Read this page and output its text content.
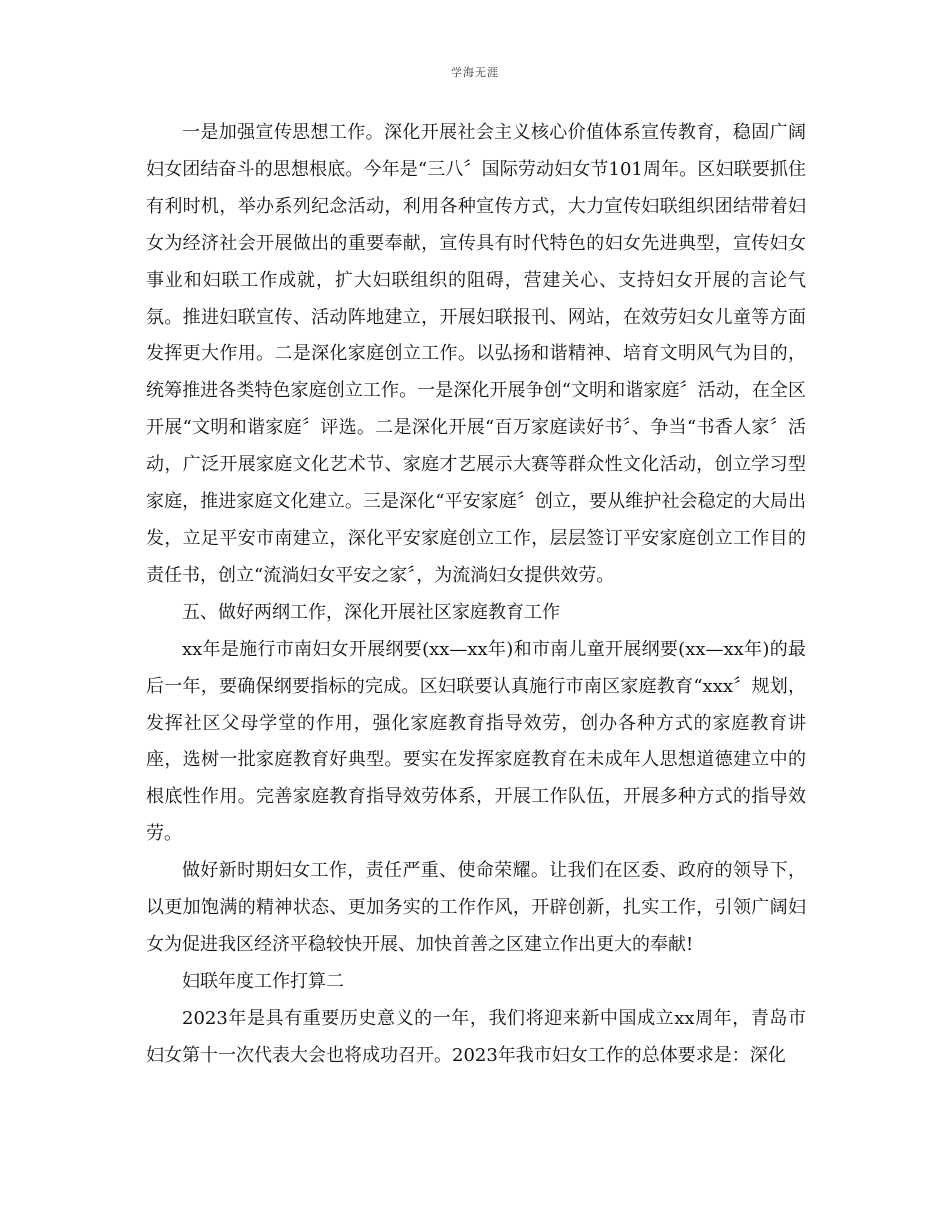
学海无涯

一是加强宣传思想工作。深化开展社会主义核心价值体系宣传教育，稳固广阔妇女团结奋斗的思想根底。今年是“三八〞国际劳动妇女节101周年。区妇联要抓住有利时机，举办系列纪念活动，利用各种宣传方式，大力宣传妇联组织团结带着妇女为经济社会开展做出的重要奉献，宣传具有时代特色的妇女先进典型，宣传妇女事业和妇联工作成就，扩大妇联组织的阻碍，营建关心、支持妇女开展的言论气氛。推进妇联宣传、活动阵地建立，开展妇联报刊、网站，在效劳妇女儿童等方面发挥更大作用。二是深化家庭创立工作。以弘扬和谐精神、培育文明风气为目的，统筹推进各类特色家庭创立工作。一是深化开展争创“文明和谐家庭〞活动，在全区开展“文明和谐家庭〞评选。二是深化开展“百万家庭读好书〞、争当“书香人家〞活动，广泛开展家庭文化艺术节、家庭才艺展示大赛等群众性文化活动，创立学习型家庭，推进家庭文化建立。三是深化“平安家庭〞创立，要从维护社会稳定的大局出发，立足平安市南建立，深化平安家庭创立工作，层层签订平安家庭创立工作目的责任书，创立“流淌妇女平安之家〞，为流淌妇女提供效劳。

五、做好两纲工作，深化开展社区家庭教育工作

xx年是施行市南妇女开展纲要(xx—xx年)和市南儿童开展纲要(xx—xx年)的最后一年，要确保纲要指标的完成。区妇联要认真施行市南区家庭教育“xxx〞规划，发挥社区父母学堂的作用，强化家庭教育指导效劳，创办各种方式的家庭教育讲座，选树一批家庭教育好典型。要实在发挥家庭教育在未成年人思想道德建立中的根底性作用。完善家庭教育指导效劳体系，开展工作队伍，开展多种方式的指导效劳。

做好新时期妇女工作，责任严重、使命荣耀。让我们在区委、政府的领导下，以更加饱满的精神状态、更加务实的工作作风，开辟创新，扎实工作，引领广阔妇女为促进我区经济平稳较快开展、加快首善之区建立作出更大的奉献!

妇联年度工作打算二

2023年是具有重要历史意义的一年，我们将迎来新中国成立xx周年，青岛市妇女第十一次代表大会也将成功召开。2023年我市妇女工作的总体要求是：深化
